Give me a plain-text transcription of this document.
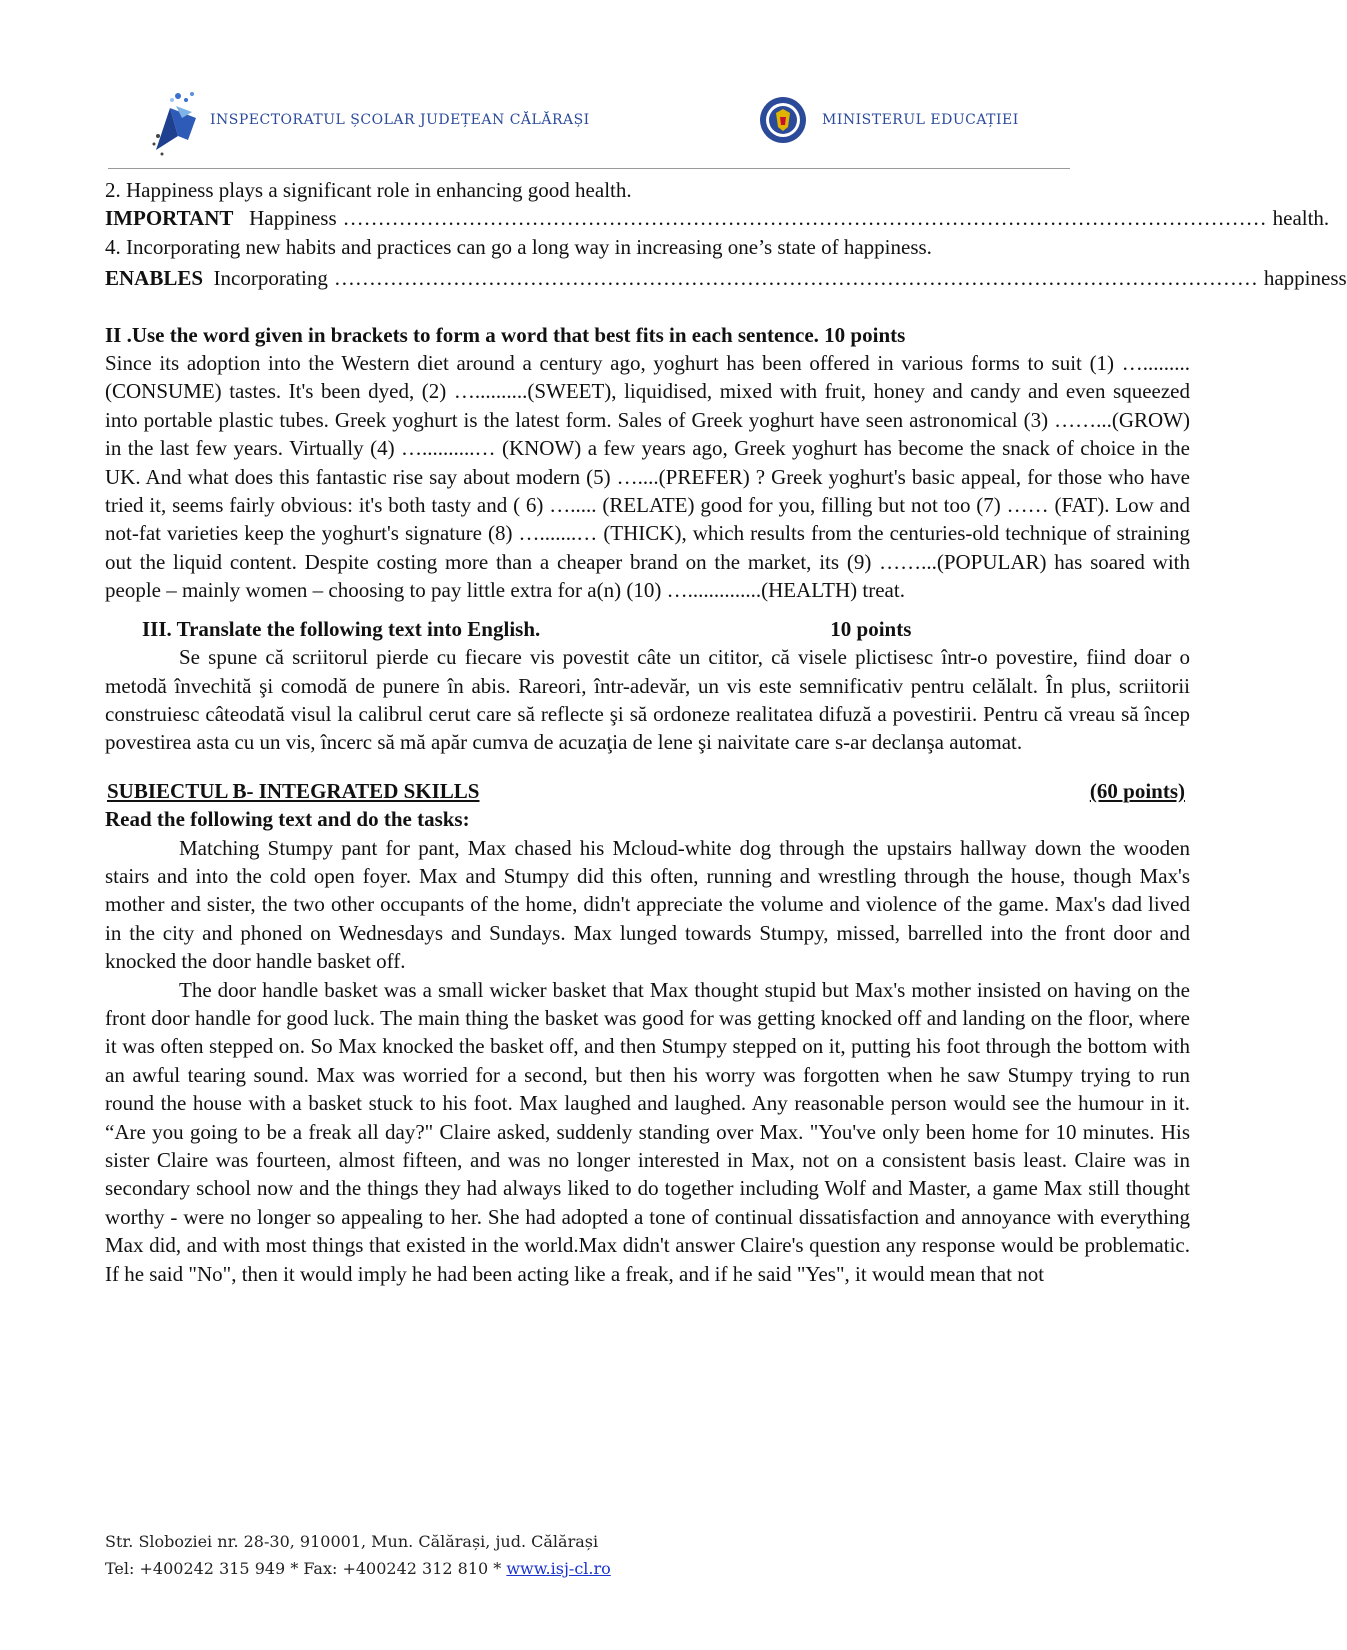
INSPECTORATUL ȘCOLAR JUDEȚEAN CĂLĂRAȘI	MINISTERUL EDUCAȚIEI

2. Happiness plays a significant role in enhancing good health.

IMPORTANT Happiness …………………………………………………………………………………………………………………… health.

4. Incorporating new habits and practices can go a long way in increasing one’s state of happiness.

ENABLES Incorporating …………………………………………………………………………………………………………………… happiness

II .Use the word given in brackets to form a word that best fits in each sentence. 10 points

Since its adoption into the Western diet around a century ago, yoghurt has been offered in various forms to suit (1) …......... (CONSUME) tastes. It's been dyed, (2) …..........(SWEET), liquidised, mixed with fruit, honey and candy and even squeezed into portable plastic tubes. Greek yoghurt is the latest form. Sales of Greek yoghurt have seen astronomical (3) ……...(GROW) in the last few years. Virtually (4) …..........… (KNOW) a few years ago, Greek yoghurt has become the snack of choice in the UK. And what does this fantastic rise say about modern (5) …....(PREFER) ? Greek yoghurt's basic appeal, for those who have tried it, seems fairly obvious: it's both tasty and ( 6) …..... (RELATE) good for you, filling but not too (7) …… (FAT). Low and not-fat varieties keep the yoghurt's signature (8) ….......… (THICK), which results from the centuries-old technique of straining out the liquid content. Despite costing more than a cheaper brand on the market, its (9) ……...(POPULAR) has soared with people – mainly women – choosing to pay little extra for a(n) (10) …..............(HEALTH) treat.

III. Translate the following text into English.	10 points

Se spune că scriitorul pierde cu fiecare vis povestit câte un cititor, că visele plictisesc într-o povestire, fiind doar o metodă învechită şi comodă de punere în abis. Rareori, într-adevăr, un vis este semnificativ pentru celălalt. În plus, scriitorii construiesc câteodată visul la calibrul cerut care să reflecte şi să ordoneze realitatea difuză a povestirii. Pentru că vreau să încep povestirea asta cu un vis, încerc să mă apăr cumva de acuzaţia de lene şi naivitate care s-ar declanşa automat.

SUBIECTUL B- INTEGRATED SKILLS	(60 points)

Read the following text and do the tasks:

Matching Stumpy pant for pant, Max chased his Mcloud-white dog through the upstairs hallway down the wooden stairs and into the cold open foyer. Max and Stumpy did this often, running and wrestling through the house, though Max's mother and sister, the two other occupants of the home, didn't appreciate the volume and violence of the game. Max's dad lived in the city and phoned on Wednesdays and Sundays. Max lunged towards Stumpy, missed, barrelled into the front door and knocked the door handle basket off.

The door handle basket was a small wicker basket that Max thought stupid but Max's mother insisted on having on the front door handle for good luck. The main thing the basket was good for was getting knocked off and landing on the floor, where it was often stepped on. So Max knocked the basket off, and then Stumpy stepped on it, putting his foot through the bottom with an awful tearing sound. Max was worried for a second, but then his worry was forgotten when he saw Stumpy trying to run round the house with a basket stuck to his foot. Max laughed and laughed. Any reasonable person would see the humour in it. “Are you going to be a freak all day?" Claire asked, suddenly standing over Max. "You've only been home for 10 minutes. His sister Claire was fourteen, almost fifteen, and was no longer interested in Max, not on a consistent basis least. Claire was in secondary school now and the things they had always liked to do together including Wolf and Master, a game Max still thought worthy - were no longer so appealing to her. She had adopted a tone of continual dissatisfaction and annoyance with everything Max did, and with most things that existed in the world.Max didn't answer Claire's question any response would be problematic. If he said "No", then it would imply he had been acting like a freak, and if he said "Yes", it would mean that not

Str. Sloboziei nr. 28-30, 910001, Mun. Călărași, jud. Călărași
Tel: +400242 315 949 * Fax: +400242 312 810 * www.isj-cl.ro
